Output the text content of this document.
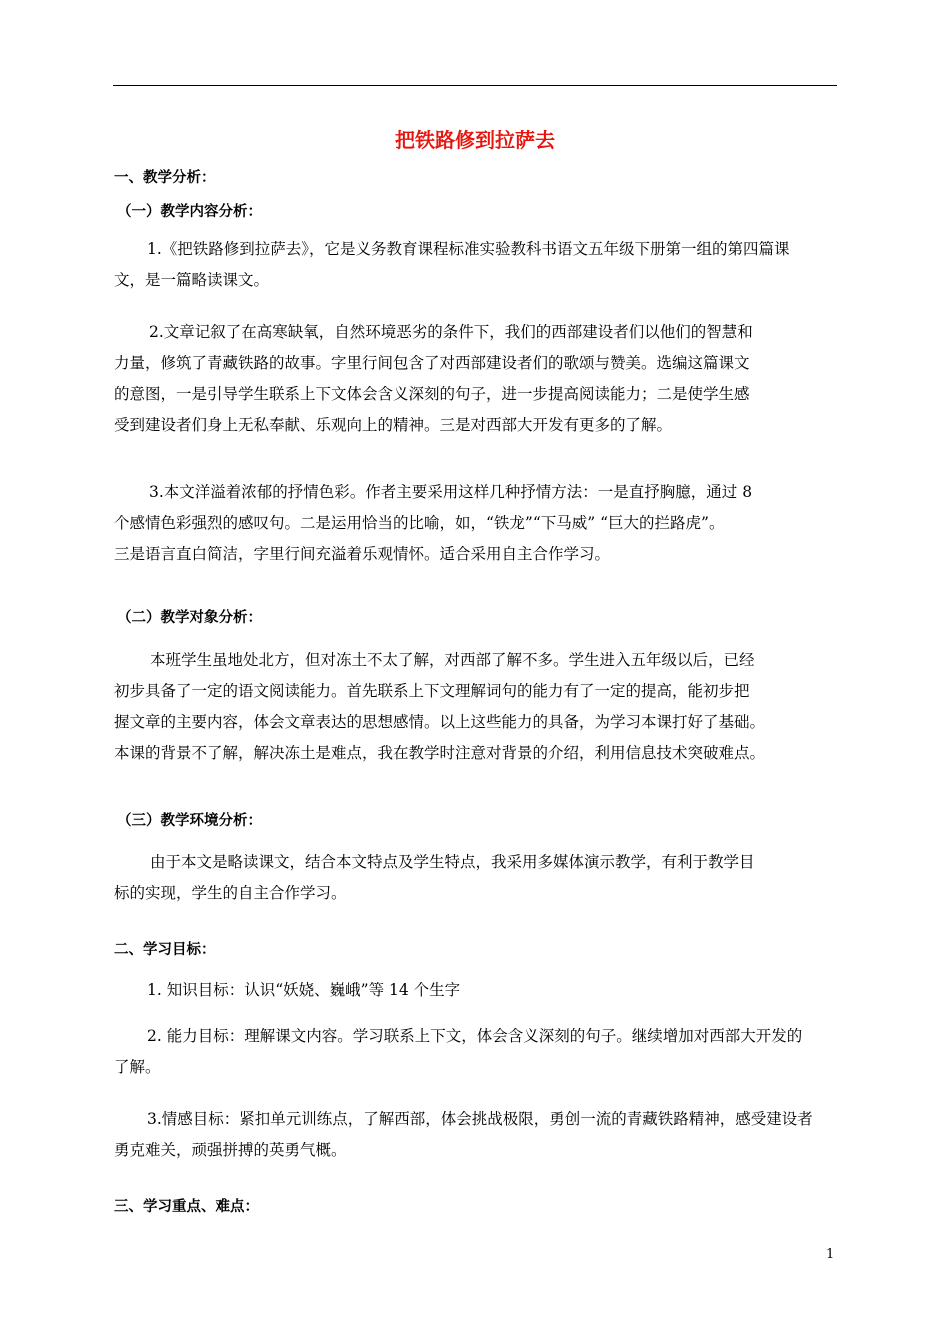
把铁路修到拉萨去
一、教学分析：
（一）教学内容分析：
1.《把铁路修到拉萨去》，它是义务教育课程标准实验教科书语文五年级下册第一组的第四篇课
文，是一篇略读课文。
2.文章记叙了在高寒缺氧，自然环境恶劣的条件下，我们的西部建设者们以他们的智慧和
力量，修筑了青藏铁路的故事。字里行间包含了对西部建设者们的歌颂与赞美。选编这篇课文
的意图，一是引导学生联系上下文体会含义深刻的句子，进一步提高阅读能力；二是使学生感
受到建设者们身上无私奉献、乐观向上的精神。三是对西部大开发有更多的了解。
3.本文洋溢着浓郁的抒情色彩。作者主要采用这样几种抒情方法：一是直抒胸臆，通过 8
个感情色彩强烈的感叹句。二是运用恰当的比喻，如，“铁龙”“下马威” “巨大的拦路虎”。
三是语言直白简洁，字里行间充溢着乐观情怀。适合采用自主合作学习。
（二）教学对象分析：
本班学生虽地处北方，但对冻土不太了解，对西部了解不多。学生进入五年级以后，已经
初步具备了一定的语文阅读能力。首先联系上下文理解词句的能力有了一定的提高，能初步把
握文章的主要内容，体会文章表达的思想感情。以上这些能力的具备，为学习本课打好了基础。
本课的背景不了解，解决冻土是难点，我在教学时注意对背景的介绍，利用信息技术突破难点。
（三）教学环境分析：
由于本文是略读课文，结合本文特点及学生特点，我采用多媒体演示教学，有利于教学目
标的实现，学生的自主合作学习。
二、学习目标：
1. 知识目标：认识“妖娆、巍峨”等 14 个生字
2. 能力目标：理解课文内容。学习联系上下文，体会含义深刻的句子。继续增加对西部大开发的
了解。
3.情感目标：紧扣单元训练点，了解西部，体会挑战极限，勇创一流的青藏铁路精神，感受建设者
勇克难关，顽强拼搏的英勇气概。
三、学习重点、难点：
1
